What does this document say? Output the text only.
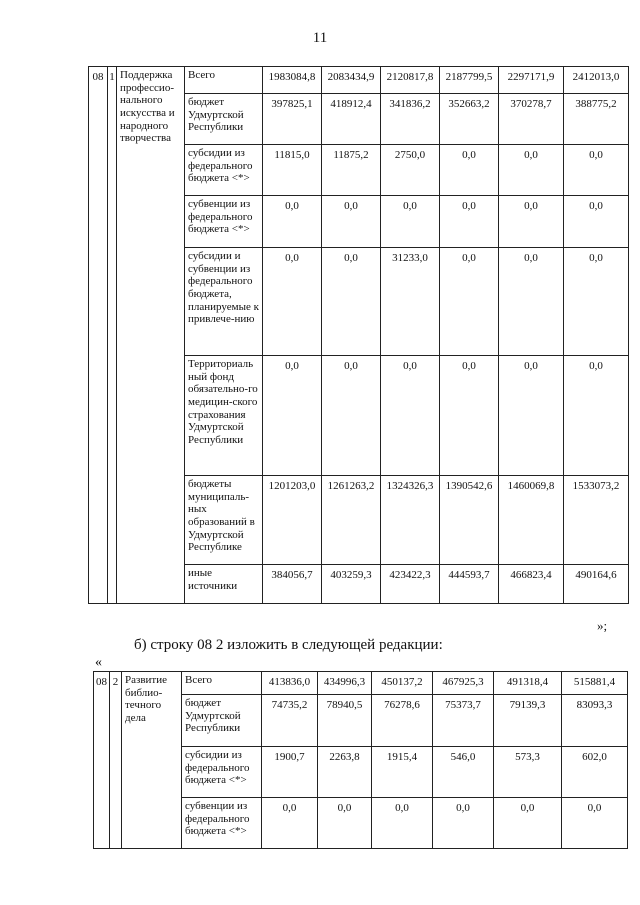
11
08	1	Поддержка профессио-нального искусства и народного творчества	Всего	1983084,8	2083434,9	2120817,8	2187799,5	2297171,9	2412013,0
			бюджет Удмуртской Республики	397825,1	418912,4	341836,2	352663,2	370278,7	388775,2
			субсидии из федерального бюджета <*>	11815,0	11875,2	2750,0	0,0	0,0	0,0
			субвенции из федерального бюджета <*>	0,0	0,0	0,0	0,0	0,0	0,0
			субсидии и субвенции из федерального бюджета, планируемые к привлече-нию	0,0	0,0	31233,0	0,0	0,0	0,0
			Территориаль ный фонд обязательно-го медицин-ского страхования Удмуртской Республики	0,0	0,0	0,0	0,0	0,0	0,0
			бюджеты муниципаль-ных образований в Удмуртской Республике	1201203,0	1261263,2	1324326,3	1390542,6	1460069,8	1533073,2
			иные источники	384056,7	403259,3	423422,3	444593,7	466823,4	490164,6
»;
б) строку 08 2 изложить в следующей редакции:
«
08	2	Развитие библио-течного дела	Всего	413836,0	434996,3	450137,2	467925,3	491318,4	515881,4
			бюджет Удмуртской Республики	74735,2	78940,5	76278,6	75373,7	79139,3	83093,3
			субсидии из федерального бюджета <*>	1900,7	2263,8	1915,4	546,0	573,3	602,0
			субвенции из федерального бюджета <*>	0,0	0,0	0,0	0,0	0,0	0,0
